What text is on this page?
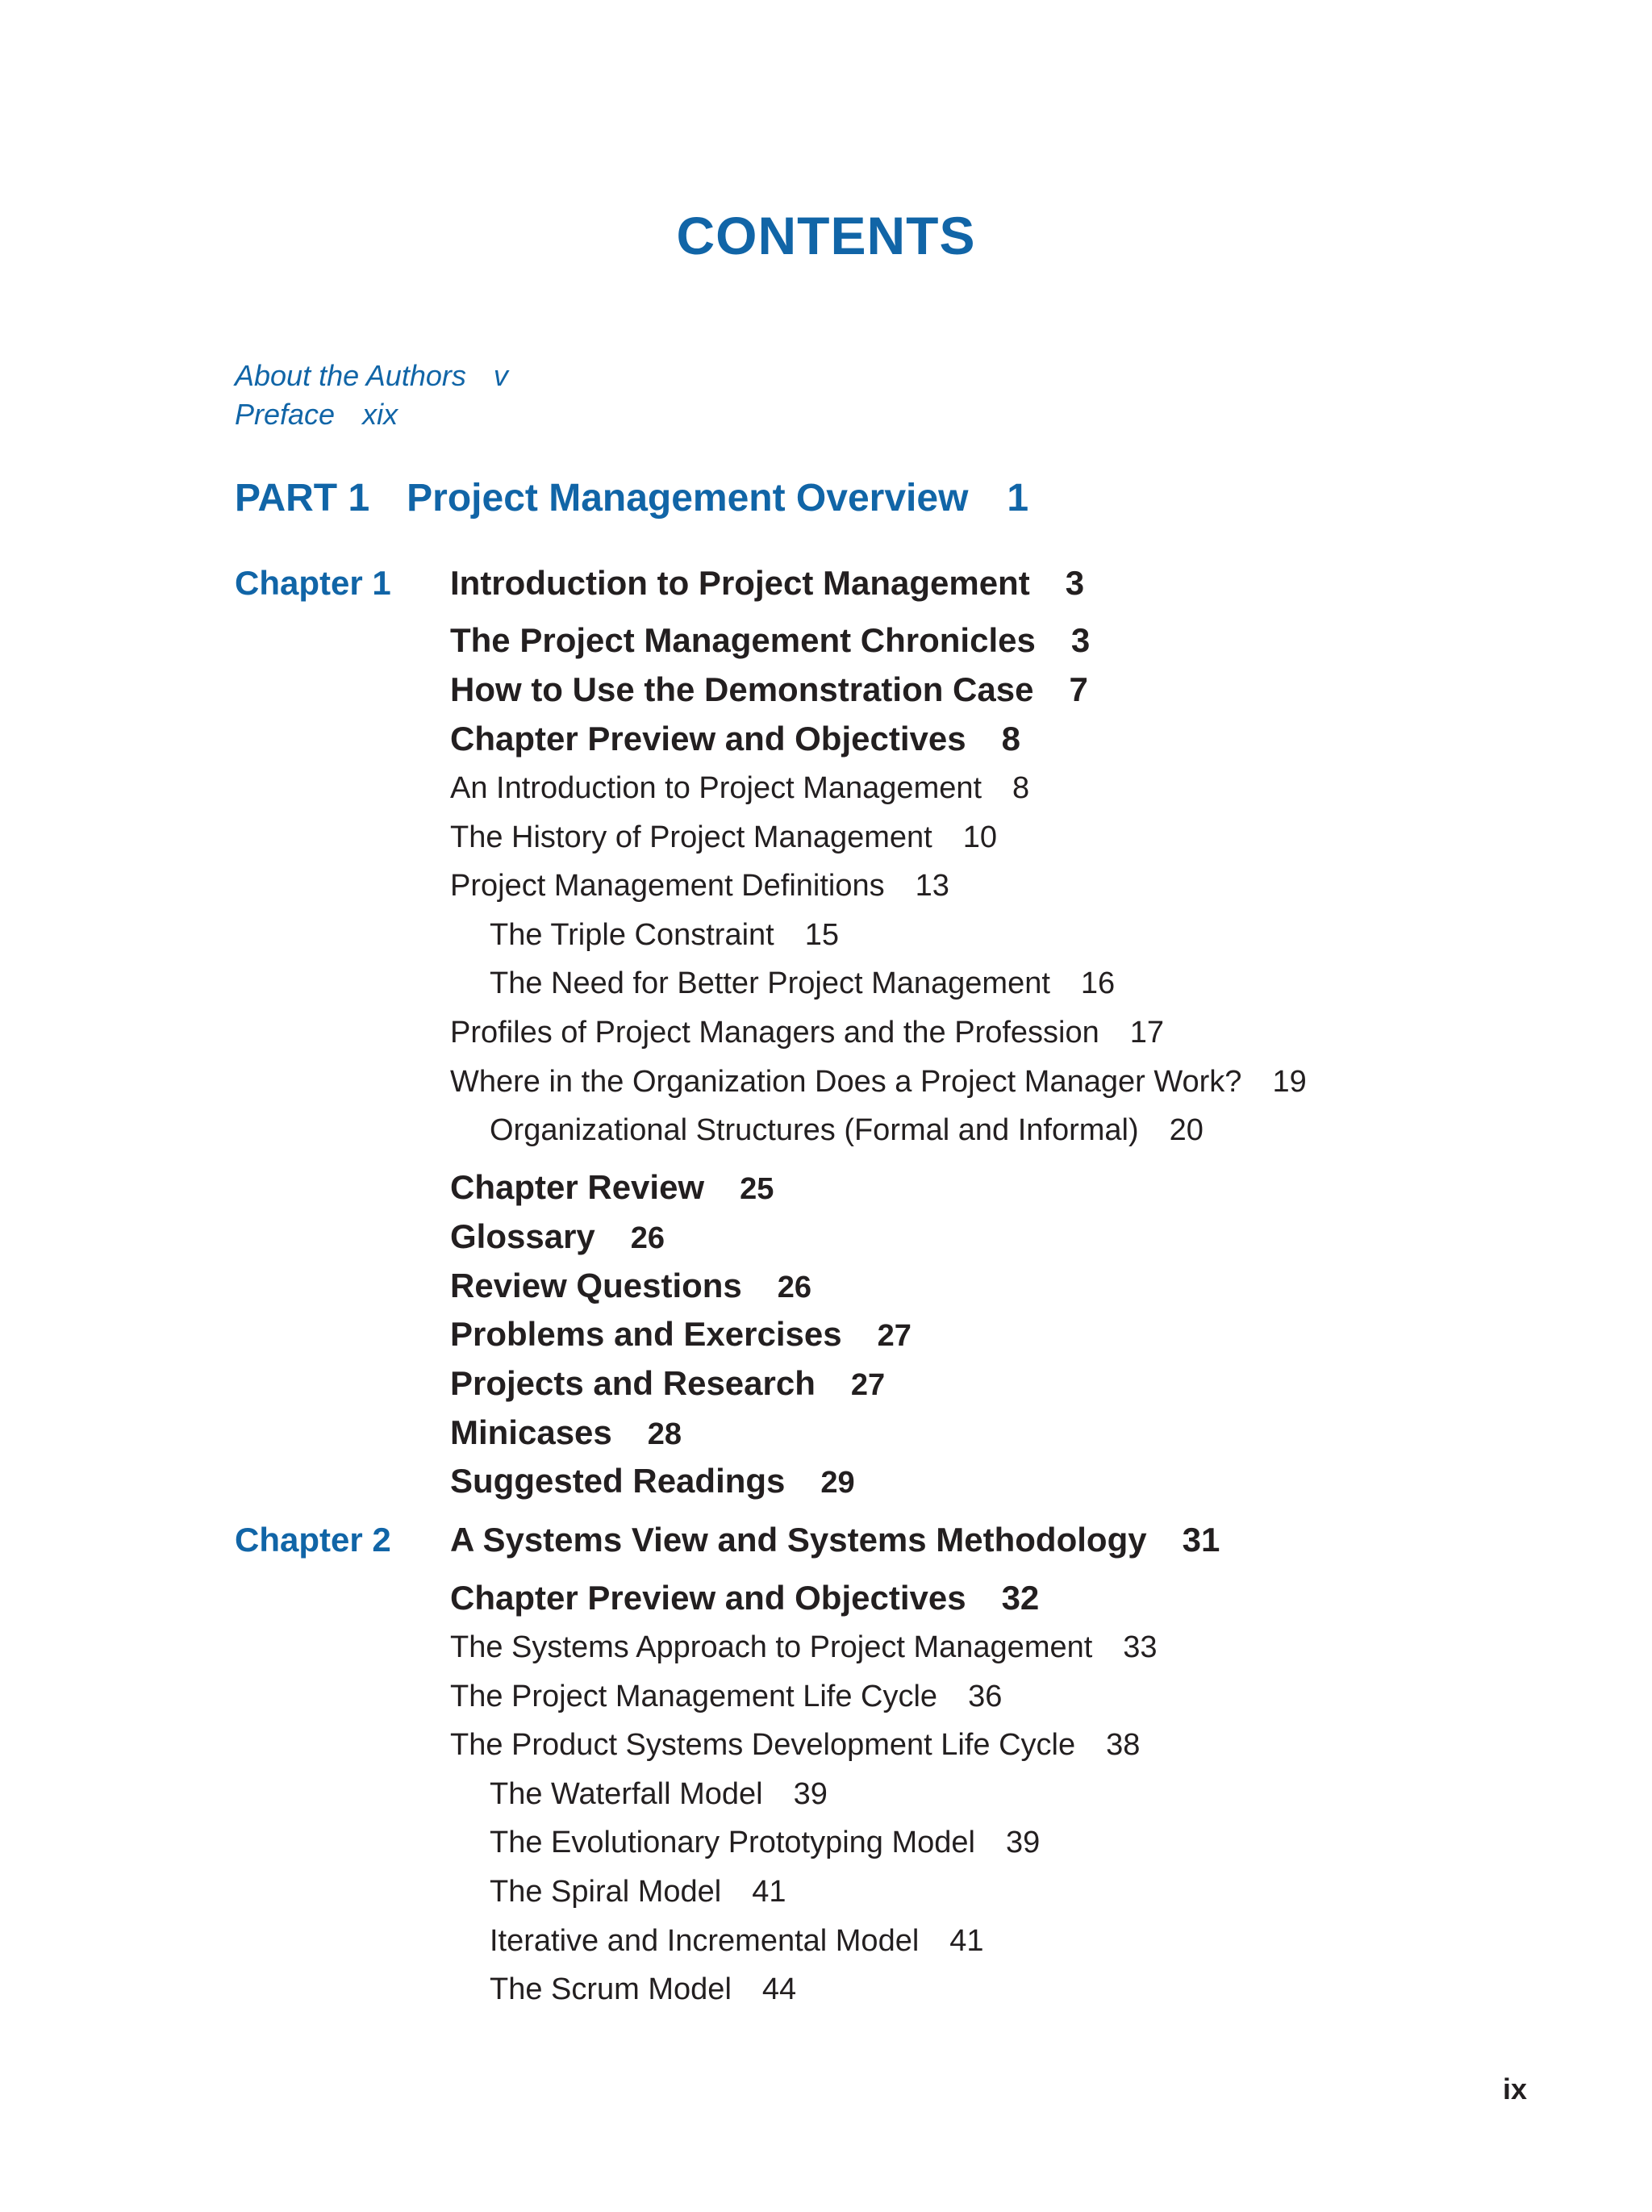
CONTENTS
About the Authors v
Preface xix
PART 1 Project Management Overview 1
Chapter 1 Introduction to Project Management 3
The Project Management Chronicles 3
How to Use the Demonstration Case 7
Chapter Preview and Objectives 8
An Introduction to Project Management 8
The History of Project Management 10
Project Management Definitions 13
The Triple Constraint 15
The Need for Better Project Management 16
Profiles of Project Managers and the Profession 17
Where in the Organization Does a Project Manager Work? 19
Organizational Structures (Formal and Informal) 20
Chapter Review 25
Glossary 26
Review Questions 26
Problems and Exercises 27
Projects and Research 27
Minicases 28
Suggested Readings 29
Chapter 2 A Systems View and Systems Methodology 31
Chapter Preview and Objectives 32
The Systems Approach to Project Management 33
The Project Management Life Cycle 36
The Product Systems Development Life Cycle 38
The Waterfall Model 39
The Evolutionary Prototyping Model 39
The Spiral Model 41
Iterative and Incremental Model 41
The Scrum Model 44
ix
